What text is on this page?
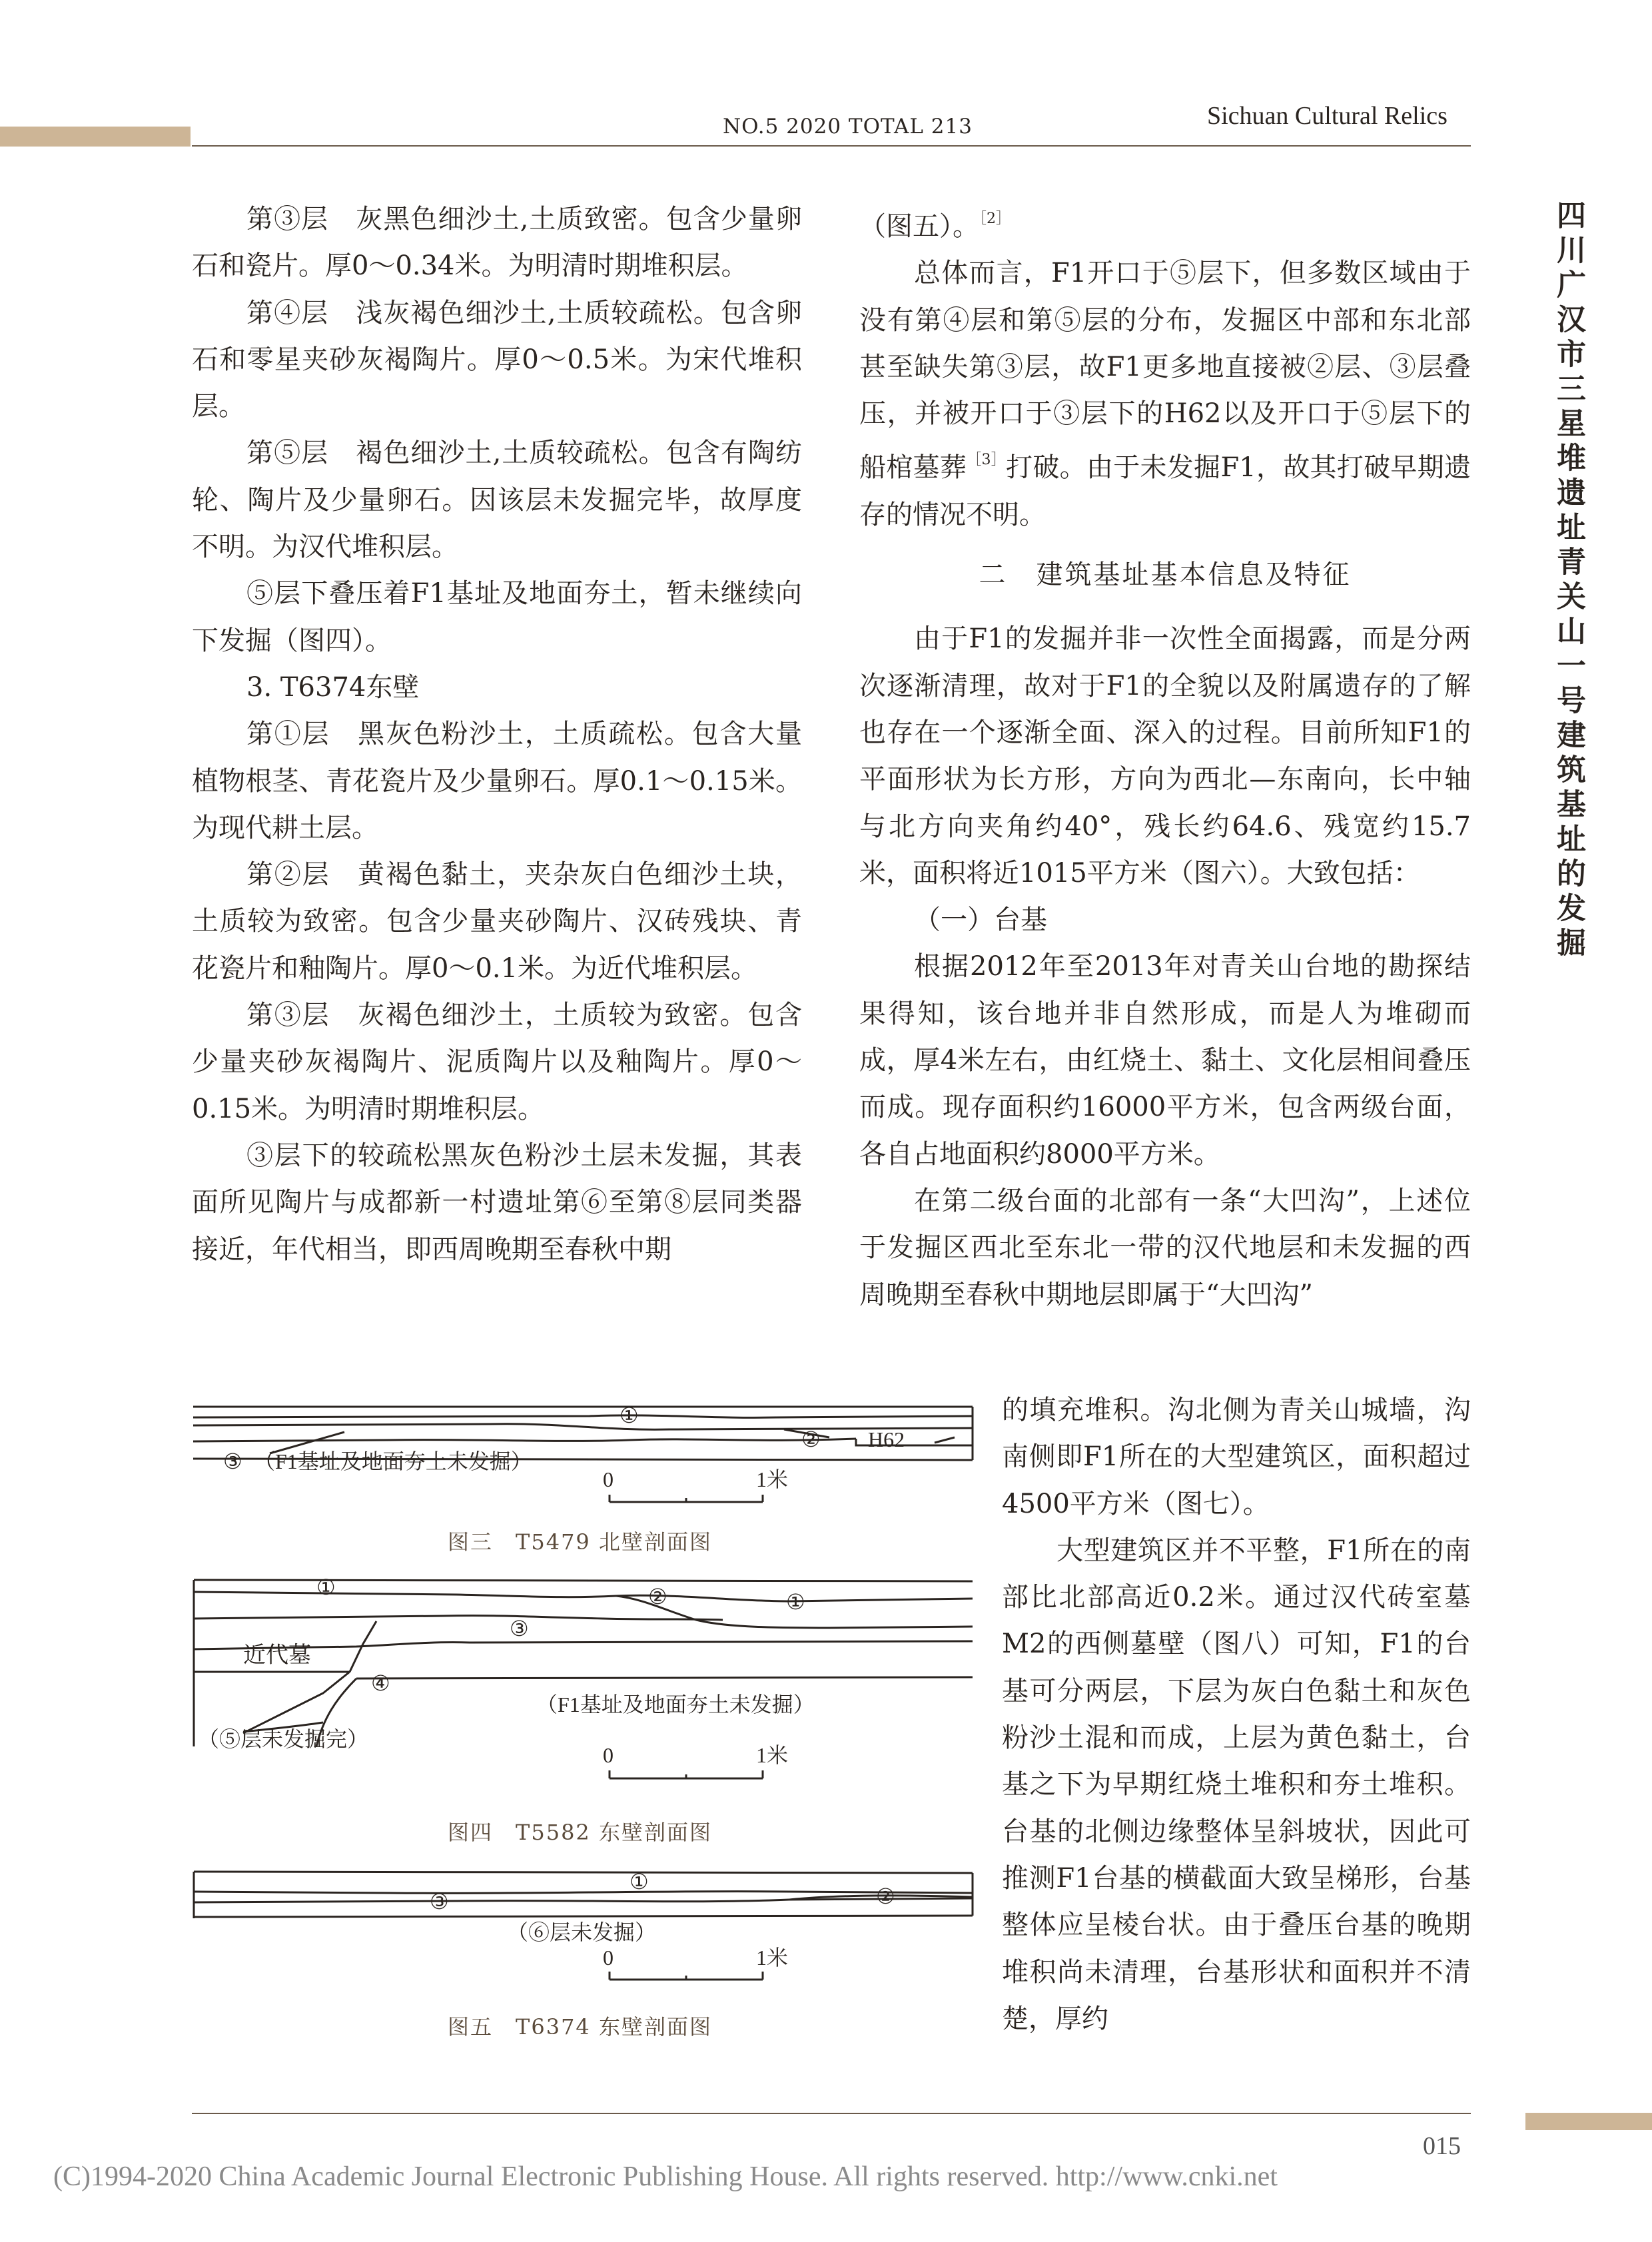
NO.5 2020 TOTAL 213	Sichuan Cultural Relics
四川广汉市三星堆遗址青关山一号建筑基址的发掘

第③层　灰黑色细沙土,土质致密。包含少量卵石和瓷片。厚0～0.34米。为明清时期堆积层。

第④层　浅灰褐色细沙土,土质较疏松。包含卵石和零星夹砂灰褐陶片。厚0～0.5米。为宋代堆积层。

第⑤层　褐色细沙土,土质较疏松。包含有陶纺轮、陶片及少量卵石。因该层未发掘完毕，故厚度不明。为汉代堆积层。

⑤层下叠压着F1基址及地面夯土，暂未继续向下发掘（图四）。

3. T6374东壁

第①层　黑灰色粉沙土，土质疏松。包含大量植物根茎、青花瓷片及少量卵石。厚0.1～0.15米。为现代耕土层。

第②层　黄褐色黏土，夹杂灰白色细沙土块，土质较为致密。包含少量夹砂陶片、汉砖残块、青花瓷片和釉陶片。厚0～0.1米。为近代堆积层。

第③层　灰褐色细沙土，土质较为致密。包含少量夹砂灰褐陶片、泥质陶片以及釉陶片。厚0～0.15米。为明清时期堆积层。

③层下的较疏松黑灰色粉沙土层未发掘，其表面所见陶片与成都新一村遗址第⑥至第⑧层同类器接近，年代相当，即西周晚期至春秋中期

（图五）。$^{[2]}$

总体而言，F1开口于⑤层下，但多数区域由于没有第④层和第⑤层的分布，发掘区中部和东北部甚至缺失第③层，故F1更多地直接被②层、③层叠压，并被开口于③层下的H62以及开口于⑤层下的船棺墓葬$^{[3]}$打破。由于未发掘F1，故其打破早期遗存的情况不明。

二　建筑基址基本信息及特征

由于F1的发掘并非一次性全面揭露，而是分两次逐渐清理，故对于F1的全貌以及附属遗存的了解也存在一个逐渐全面、深入的过程。目前所知F1的平面形状为长方形，方向为西北—东南向，长中轴与北方向夹角约40°，残长约64.6、残宽约15.7米，面积将近1015平方米（图六）。大致包括：

（一）台基

根据2012年至2013年对青关山台地的勘探结果得知，该台地并非自然形成，而是人为堆砌而成，厚4米左右，由红烧土、黏土、文化层相间叠压而成。现存面积约16000平方米，包含两级台面，各自占地面积约8000平方米。

在第二级台面的北部有一条“大凹沟”，上述位于发掘区西北至东北一带的汉代地层和未发掘的西周晚期至春秋中期地层即属于“大凹沟”

的填充堆积。沟北侧为青关山城墙，沟南侧即F1所在的大型建筑区，面积超过4500平方米（图七）。

大型建筑区并不平整，F1所在的南部比北部高近0.2米。通过汉代砖室墓M2的西侧墓壁（图八）可知，F1的台基可分两层，下层为灰白色黏土和灰色粉沙土混和而成，上层为黄色黏土，台基之下为早期红烧土堆积和夯土堆积。台基的北侧边缘整体呈斜坡状，因此可推测F1台基的横截面大致呈梯形，台基整体应呈棱台状。由于叠压台基的晚期堆积尚未清理，台基形状和面积并不清楚，厚约

①
② H62
③ （F1基址及地面夯土未发掘）
0	1米
图三　T5479 北壁剖面图
①	②	①
近代墓
③
④
（F1基址及地面夯土未发掘）
（⑤层未发掘完）
0	1米
图四　T5582 东壁剖面图
①
②
③
（⑥层未发掘）
0	1米
图五　T6374 东壁剖面图
015
(C)1994-2020 China Academic Journal Electronic Publishing House. All rights reserved. http://www.cnki.net
